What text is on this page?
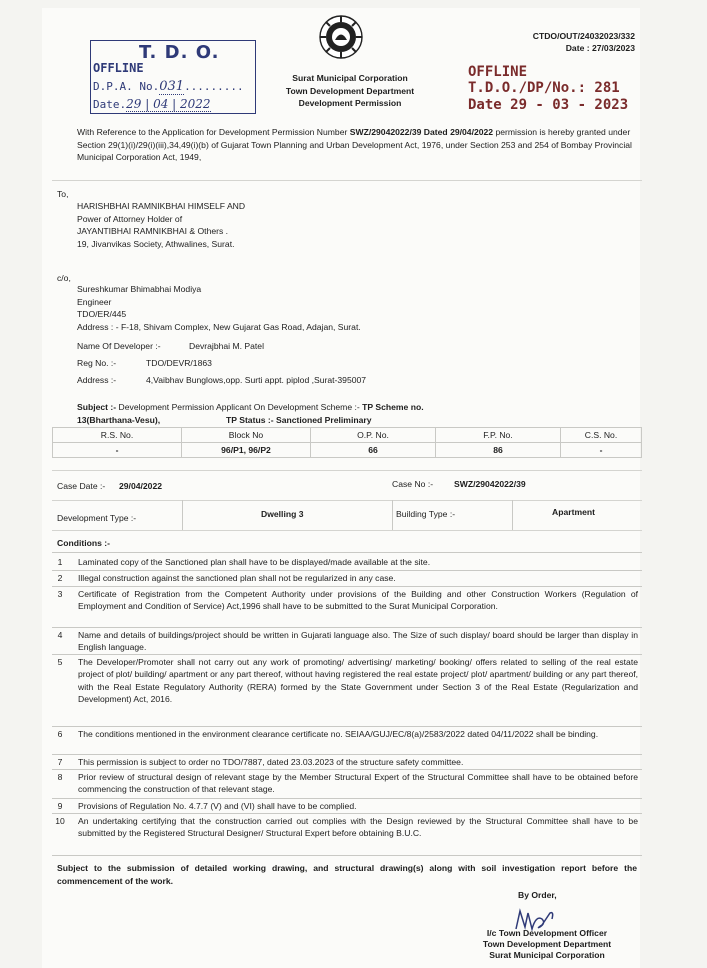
CTDO/OUT/24032023/332
Date : 27/03/2023
T. D. O.
OFFLINE
D.P.A. No.031.........
Date.29 | 04 | 2022
Surat Municipal Corporation
Town Development Department
Development Permission
OFFLINE
T.D.O./DP/No.: 281
Date 29 - 03 - 2023
With Reference to the Application for Development Permission Number SWZ/29042022/39 Dated 29/04/2022 permission is hereby granted under Section 29(1)(i)/29(i)(iii),34,49(i)(b) of Gujarat Town Planning and Urban Development Act, 1976, under Section 253 and 254 of Bombay Provincial Municipal Corporation Act, 1949,
To,
HARISHBHAI RAMNIKBHAI HIMSELF AND
Power of Attorney Holder of
JAYANTIBHAI RAMNIKBHAI & Others .
19, Jivanvikas Society, Athwalines, Surat.
c/o,
Sureshkumar Bhimabhai Modiya
Engineer
TDO/ER/445
Address : - F-18, Shivam Complex, New Gujarat Gas Road, Adajan, Surat.
Name Of Developer :-	Devrajbhai M. Patel
Reg No. :-	TDO/DEVR/1863
Address :-	4,Vaibhav Bunglows,opp. Surti appt. piplod ,Surat-395007
Subject :- Development Permission Applicant On Development Scheme :- TP Scheme no.
13(Bharthana-Vesu),	TP Status :- Sanctioned Preliminary
R.S. No.	Block No	O.P. No.	F.P. No.	C.S. No.
-	96/P1, 96/P2	66	86	-
Case Date :- 29/04/2022	Case No :- SWZ/29042022/39
Development Type :-	Dwelling 3	Building Type :-	Apartment
Conditions :-
1	Laminated copy of the Sanctioned plan shall have to be displayed/made available at the site.
2	Illegal construction against the sanctioned plan shall not be regularized in any case.
3	Certificate of Registration from the Competent Authority under provisions of the Building and other Construction Workers (Regulation of Employment and Condition of Service) Act,1996 shall have to be submitted to the Surat Municipal Corporation.
4	Name and details of buildings/project should be written in Gujarati language also. The Size of such display/ board should be larger than display in English language.
5	The Developer/Promoter shall not carry out any work of promoting/ advertising/ marketing/ booking/ offers related to selling of the real estate project of plot/ building/ apartment or any part thereof, without having registered the real estate project/ plot/ apartment/ building or any part thereof, with the Real Estate Regulatory Authority (RERA) formed by the State Government under Section 3 of the Real Estate (Regularization and Development) Act, 2016.
6	The conditions mentioned in the environment clearance certificate no. SEIAA/GUJ/EC/8(a)/2583/2022 dated 04/11/2022 shall be binding.
7	This permission is subject to order no TDO/7887, dated 23.03.2023 of the structure safety committee.
8	Prior review of structural design of relevant stage by the Member Structural Expert of the Structural Committee shall have to be obtained before commencing the construction of that relevant stage.
9	Provisions of Regulation No. 4.7.7 (V) and (VI) shall have to be complied.
10	An undertaking certifying that the construction carried out complies with the Design reviewed by the Structural Committee shall have to be submitted by the Registered Structural Designer/ Structural Expert before obtaining B.U.C.
Subject to the submission of detailed working drawing, and structural drawing(s) along with soil investigation report before the commencement of the work.
By Order,
I/c Town Development Officer
Town Development Department
Surat Municipal Corporation
